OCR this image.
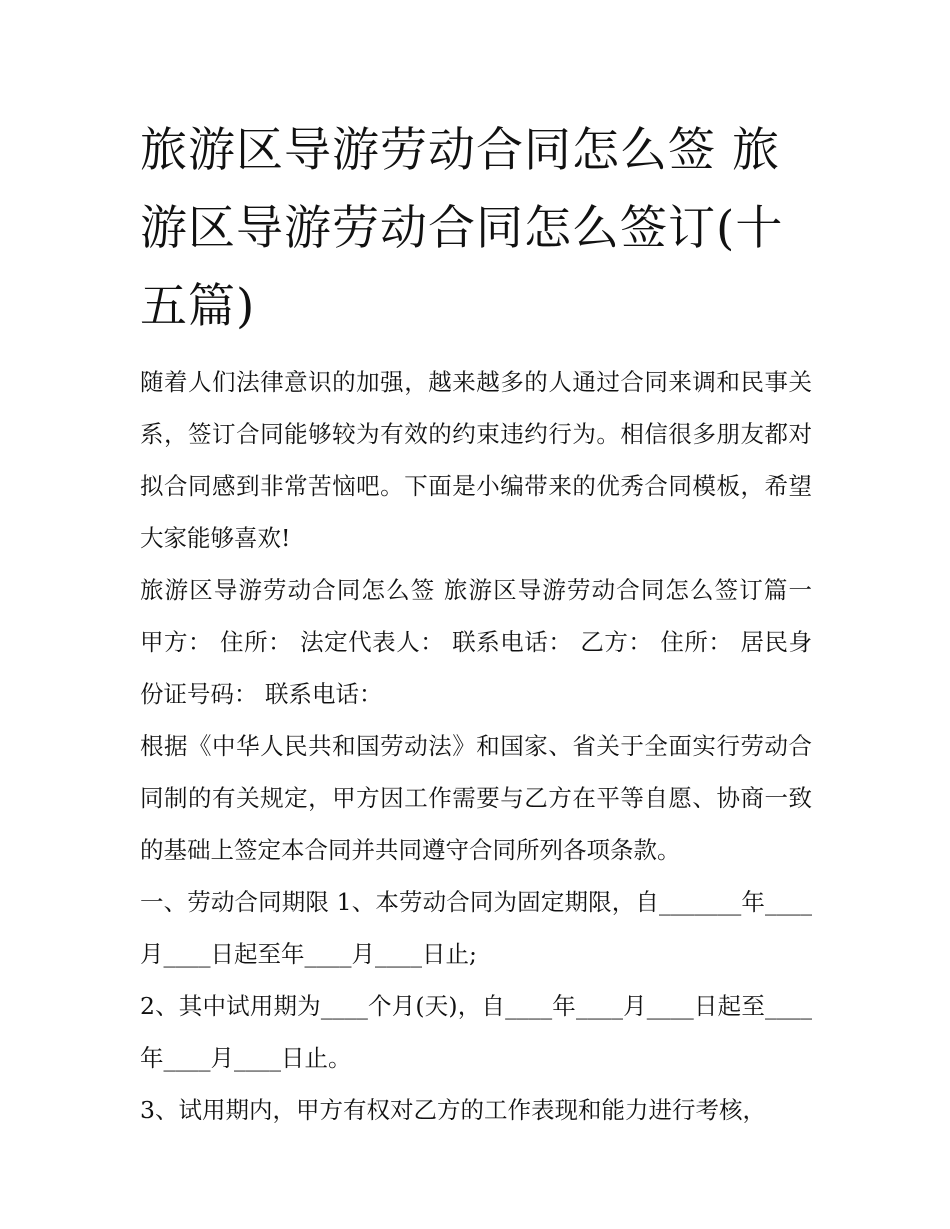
旅游区导游劳动合同怎么签 旅游区导游劳动合同怎么签订(十五篇)

随着人们法律意识的加强，越来越多的人通过合同来调和民事关系，签订合同能够较为有效的约束违约行为。相信很多朋友都对拟合同感到非常苦恼吧。下面是小编带来的优秀合同模板，希望大家能够喜欢!

旅游区导游劳动合同怎么签 旅游区导游劳动合同怎么签订篇一 甲方： 住所： 法定代表人： 联系电话： 乙方： 住所： 居民身份证号码： 联系电话：

根据《中华人民共和国劳动法》和国家、省关于全面实行劳动合同制的有关规定，甲方因工作需要与乙方在平等自愿、协商一致的基础上签定本合同并共同遵守合同所列各项条款。

一、劳动合同期限 1、本劳动合同为固定期限，自_______年____月____日起至年____月____日止;

2、其中试用期为____个月(天)，自____年____月____日起至____年____月____日止。

3、试用期内，甲方有权对乙方的工作表现和能力进行考核，
